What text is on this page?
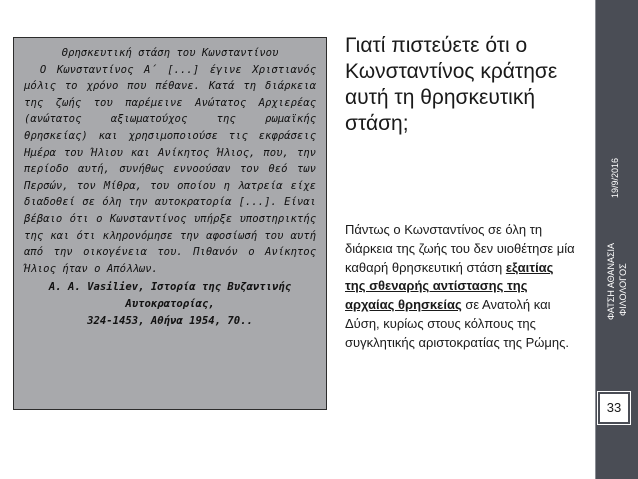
Θρησκευτική στάση του Κωνσταντίνου
Ο Κωνσταντίνος Α΄ [...] έγινε Χριστιανός μόλις το χρόνο που πέθανε. Κατά τη διάρκεια της ζωής του παρέμεινε Ανώτατος Αρχιερέας (ανώτατος αξιωματούχος της ρωμαϊκής θρησκείας) και χρησιμοποιούσε τις εκφράσεις Ημέρα του Ήλιου και Ανίκητος Ήλιος, που, την περίοδο αυτή, συνήθως εννοούσαν τον θεό των Περσών, τον Μίθρα, του οποίου η λατρεία είχε διαδοθεί σε όλη την αυτοκρατορία [...]. Είναι βέβαιο ότι ο Κωνσταντίνος υπήρξε υποστηρικτής της και ότι κληρονόμησε την αφοσίωσή του αυτή από την οικογένεια του. Πιθανόν ο Ανίκητος Ήλιος ήταν ο Απόλλων.
Α. Α. Vasiliev, Ιστορία της Βυζαντινής Αυτοκρατορίας,
324-1453, Αθήνα 1954, 70..
Γιατί πιστεύετε ότι ο Κωνσταντίνος κράτησε αυτή τη θρησκευτική στάση;
Πάντως ο Κωνσταντίνος σε όλη τη διάρκεια της ζωής του δεν υιοθέτησε μία καθαρή θρησκευτική στάση εξαιτίας της σθεναρής αντίστασης της αρχαίας θρησκείας σε Ανατολή και Δύση, κυρίως στους κόλπους της συγκλητικής αριστοκρατίας της Ρώμης.
19/9/2016
ΦΑΤΣΗ ΑΘΑΝΑΣΙΑ ΦΙΛΟΛΟΓΟΣ
33
